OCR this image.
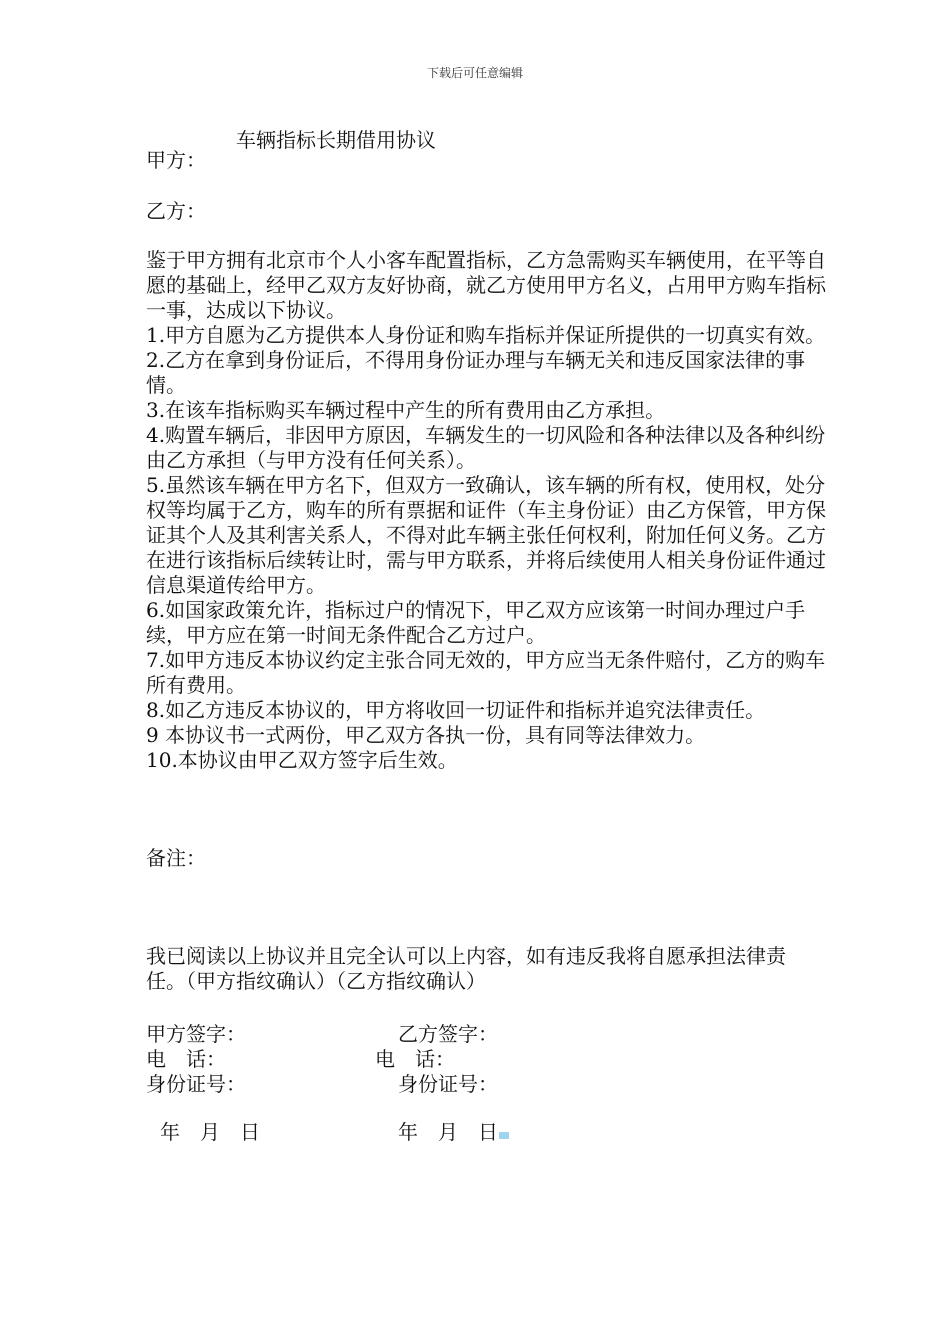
下载后可任意编辑
车辆指标长期借用协议
甲方：
乙方：

鉴于甲方拥有北京市个人小客车配置指标，乙方急需购买车辆使用，在平等自愿的基础上，经甲乙双方友好协商，就乙方使用甲方名义，占用甲方购车指标一事，达成以下协议。

1.甲方自愿为乙方提供本人身份证和购车指标并保证所提供的一切真实有效。

2.乙方在拿到身份证后，不得用身份证办理与车辆无关和违反国家法律的事情。

3.在该车指标购买车辆过程中产生的所有费用由乙方承担。

4.购置车辆后，非因甲方原因，车辆发生的一切风险和各种法律以及各种纠纷由乙方承担（与甲方没有任何关系）。

5.虽然该车辆在甲方名下，但双方一致确认，该车辆的所有权，使用权，处分权等均属于乙方，购车的所有票据和证件（车主身份证）由乙方保管，甲方保证其个人及其利害关系人，不得对此车辆主张任何权利，附加任何义务。乙方在进行该指标后续转让时，需与甲方联系，并将后续使用人相关身份证件通过信息渠道传给甲方。

6.如国家政策允许，指标过户的情况下，甲乙双方应该第一时间办理过户手续，甲方应在第一时间无条件配合乙方过户。

7.如甲方违反本协议约定主张合同无效的，甲方应当无条件赔付，乙方的购车所有费用。

8.如乙方违反本协议的，甲方将收回一切证件和指标并追究法律责任。

9 本协议书一式两份，甲乙双方各执一份，具有同等法律效力。

10.本协议由甲乙双方签字后生效。

备注：
我已阅读以上协议并且完全认可以上内容，如有违反我将自愿承担法律责任。（甲方指纹确认）（乙方指纹确认）
甲方签字：	乙方签字：
电　话：	电　话：
身份证号：	身份证号：
年　月　日	年　月　日
